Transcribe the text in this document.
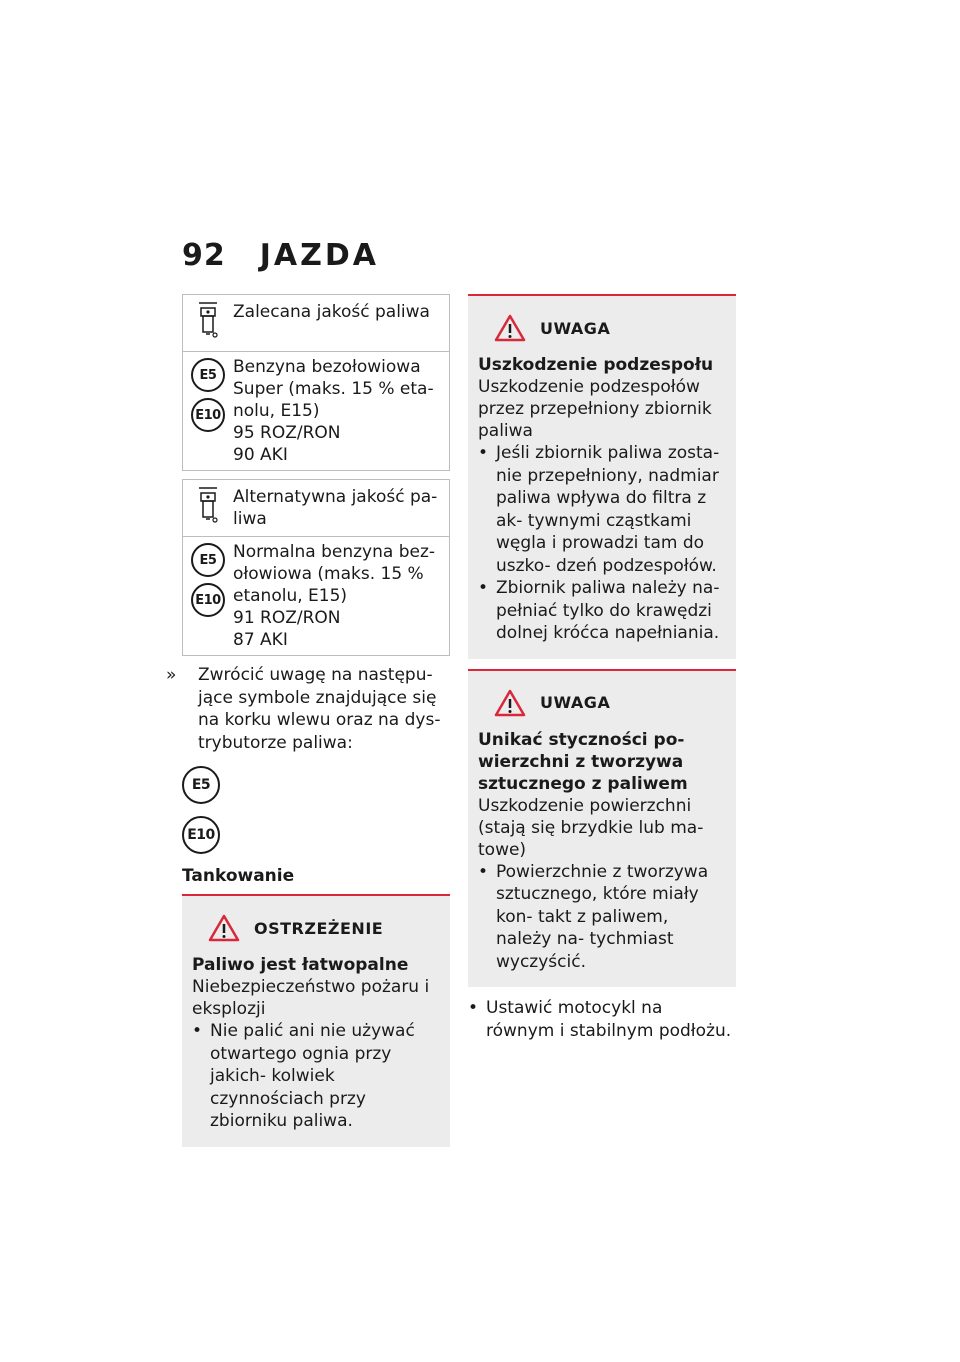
92 JAZDA
Zalecana jakość paliwa
E5
E10
Benzyna bezołowiowa
Super (maks. 15 % eta-
nolu, E15)
95 ROZ/RON
90 AKI
Alternatywna jakość pa- liwa
E5
E10
Normalna benzyna bez-
ołowiowa (maks. 15 %
etanolu, E15)
91 ROZ/RON
87 AKI
» Zwrócić uwagę na następu- jące symbole znajdujące się na korku wlewu oraz na dys- trybutorze paliwa:
E5
E10
Tankowanie
OSTRZEŻENIE
Paliwo jest łatwopalne
Niebezpieczeństwo pożaru i eksplozji
• Nie palić ani nie używać otwartego ognia przy jakich- kolwiek czynnościach przy zbiorniku paliwa.
UWAGA
Uszkodzenie podzespołu
Uszkodzenie podzespołów przez przepełniony zbiornik paliwa
• Jeśli zbiornik paliwa zosta- nie przepełniony, nadmiar paliwa wpływa do filtra z ak- tywnymi cząstkami węgla i prowadzi tam do uszko- dzeń podzespołów.
• Zbiornik paliwa należy na- pełniać tylko do krawędzi dolnej króćca napełniania.
UWAGA
Unikać styczności po- wierzchni z tworzywa sztucznego z paliwem
Uszkodzenie powierzchni (stają się brzydkie lub ma- towe)
• Powierzchnie z tworzywa sztucznego, które miały kon- takt z paliwem, należy na- tychmiast wyczyścić.
• Ustawić motocykl na równym i stabilnym podłożu.
